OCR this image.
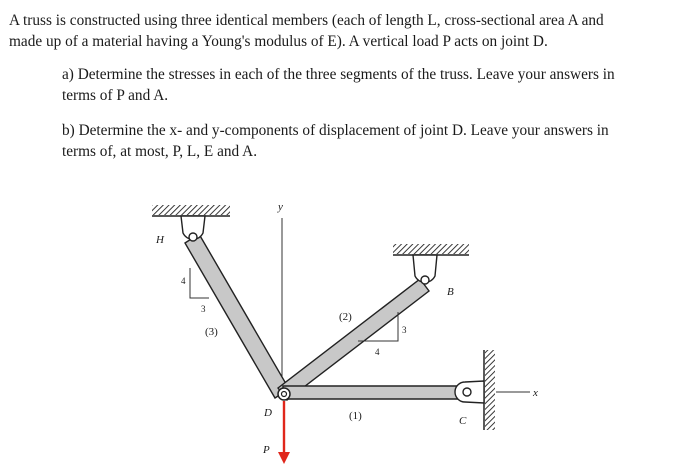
A truss is constructed using three identical members (each of length L, cross-sectional area A and
made up of a material having a Young's modulus of E). A vertical load P acts on joint D.

a) Determine the stresses in each of the three segments of the truss. Leave your answers in
terms of P and A.

b) Determine the x- and y-components of displacement of joint D. Leave your answers in
terms of, at most, P, L, E and A.

H
B
C
D
P
x
y
(1)
(2)
(3)
4
3
3
4
